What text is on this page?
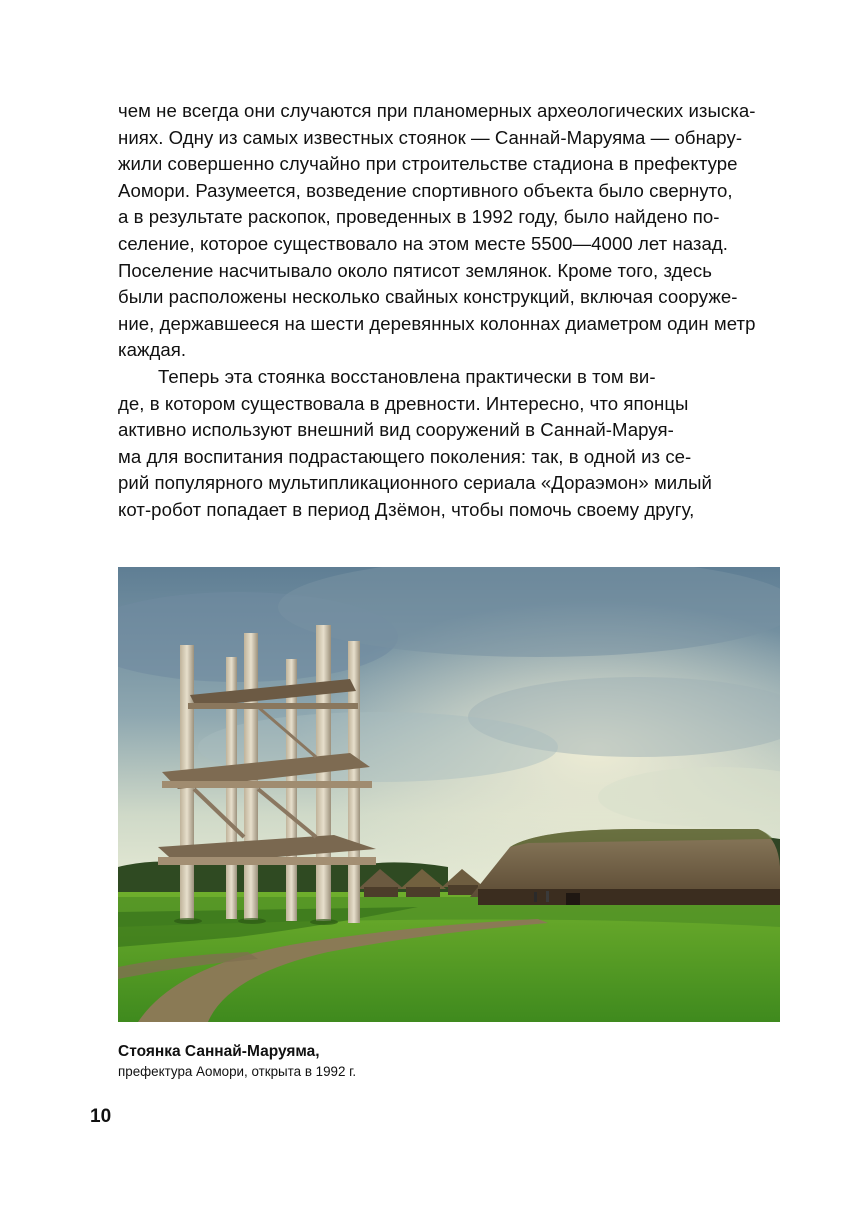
чем не всегда они случаются при планомерных археологических изыска-
ниях. Одну из самых известных стоянок — Саннай-Маруяма — обнару-
жили совершенно случайно при строительстве стадиона в префектуре
Аомори. Разумеется, возведение спортивного объекта было свернуто,
а в результате раскопок, проведенных в 1992 году, было найдено по-
селение, которое существовало на этом месте 5500—4000 лет назад.
Поселение насчитывало около пятисот землянок. Кроме того, здесь
были расположены несколько свайных конструкций, включая сооруже-
ние, державшееся на шести деревянных колоннах диаметром один метр
каждая.
Теперь эта стоянка восстановлена практически в том ви-
де, в котором существовала в древности. Интересно, что японцы
активно используют внешний вид сооружений в Саннай-Маруя-
ма для воспитания подрастающего поколения: так, в одной из се-
рий популярного мультипликационного сериала «Дораэмон» милый
кот-робот попадает в период Дзёмон, чтобы помочь своему другу,
Стоянка Саннай-Маруяма,
префектура Аомори, открыта в 1992 г.
10
